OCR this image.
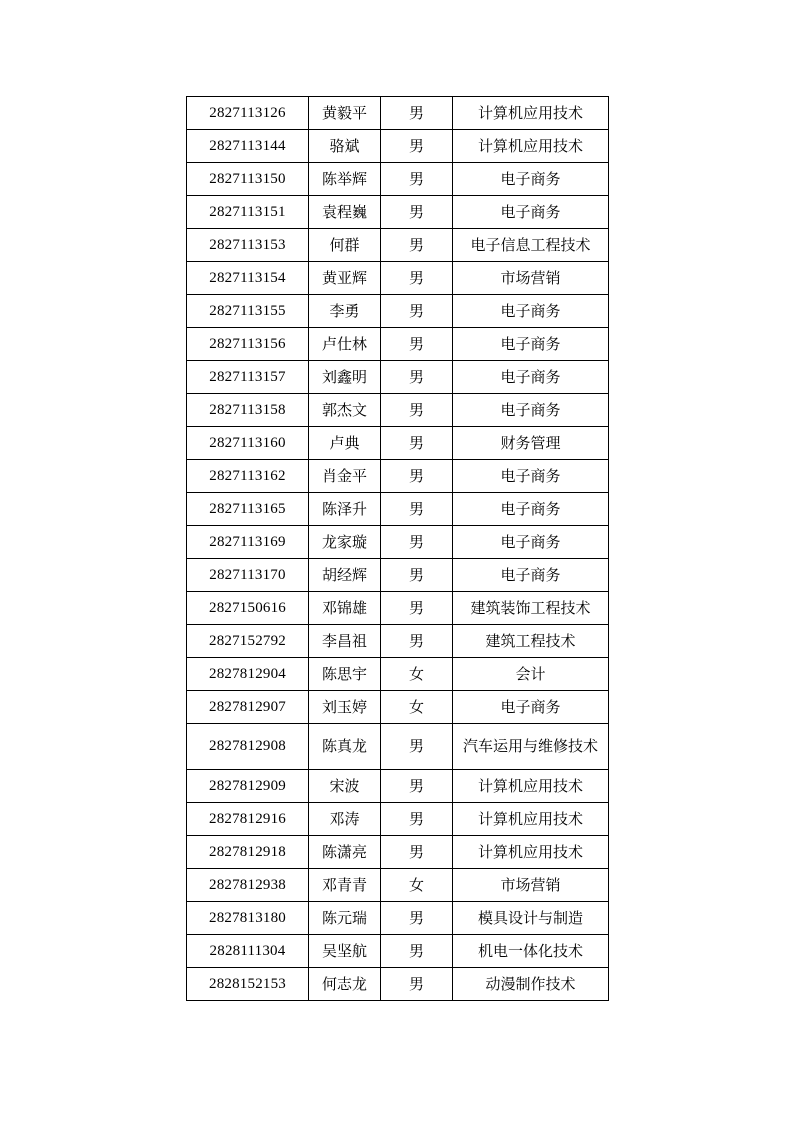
2827113126	黄毅平	男	计算机应用技术
2827113144	骆斌	男	计算机应用技术
2827113150	陈举辉	男	电子商务
2827113151	袁程巍	男	电子商务
2827113153	何群	男	电子信息工程技术
2827113154	黄亚辉	男	市场营销
2827113155	李勇	男	电子商务
2827113156	卢仕林	男	电子商务
2827113157	刘鑫明	男	电子商务
2827113158	郭杰文	男	电子商务
2827113160	卢典	男	财务管理
2827113162	肖金平	男	电子商务
2827113165	陈泽升	男	电子商务
2827113169	龙家璇	男	电子商务
2827113170	胡经辉	男	电子商务
2827150616	邓锦雄	男	建筑装饰工程技术
2827152792	李昌祖	男	建筑工程技术
2827812904	陈思宇	女	会计
2827812907	刘玉婷	女	电子商务
2827812908	陈真龙	男	汽车运用与维修技术
2827812909	宋波	男	计算机应用技术
2827812916	邓涛	男	计算机应用技术
2827812918	陈潇亮	男	计算机应用技术
2827812938	邓青青	女	市场营销
2827813180	陈元瑞	男	模具设计与制造
2828111304	吴坚航	男	机电一体化技术
2828152153	何志龙	男	动漫制作技术
